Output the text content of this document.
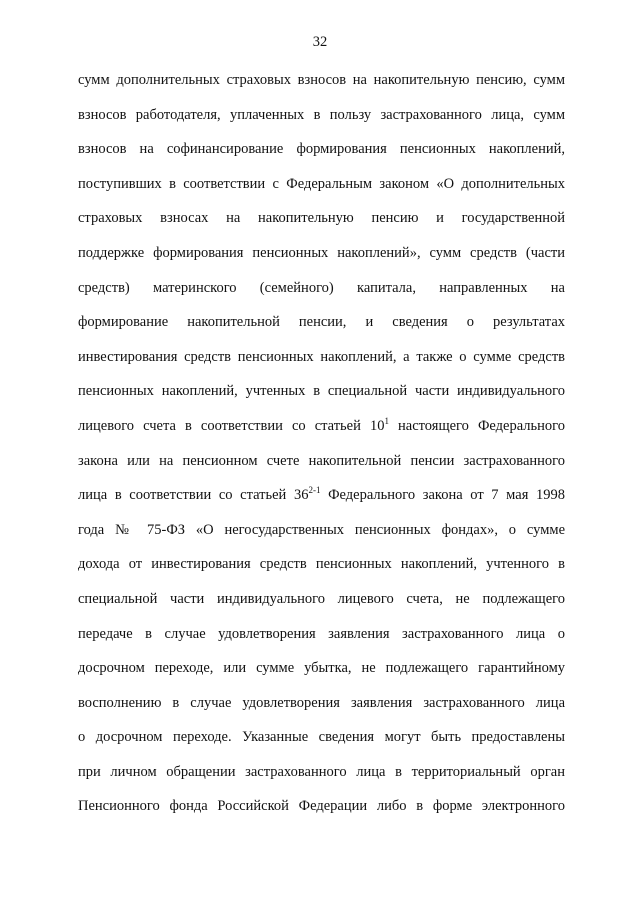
32
сумм дополнительных страховых взносов на накопительную пенсию, сумм
взносов работодателя, уплаченных в пользу застрахованного лица, сумм
взносов на софинансирование формирования пенсионных накоплений,
поступивших в соответствии с Федеральным законом «О дополнительных
страховых взносах на накопительную пенсию и государственной
поддержке формирования пенсионных накоплений», сумм средств (части
средств) материнского (семейного) капитала, направленных на
формирование накопительной пенсии, и сведения о результатах
инвестирования средств пенсионных накоплений, а также о сумме средств
пенсионных накоплений, учтенных в специальной части индивидуального
лицевого счета в соответствии со статьей $10^1$ настоящего Федерального
закона или на пенсионном счете накопительной пенсии застрахованного
лица в соответствии со статьей 36$^{2-1}$ Федерального закона от 7 мая 1998
года № 75-ФЗ «О негосударственных пенсионных фондах», о сумме
дохода от инвестирования средств пенсионных накоплений, учтенного в
специальной части индивидуального лицевого счета, не подлежащего
передаче в случае удовлетворения заявления застрахованного лица о
досрочном переходе, или сумме убытка, не подлежащего гарантийному
восполнению в случае удовлетворения заявления застрахованного лица
о досрочном переходе. Указанные сведения могут быть предоставлены
при личном обращении застрахованного лица в территориальный орган
Пенсионного фонда Российской Федерации либо в форме электронного
